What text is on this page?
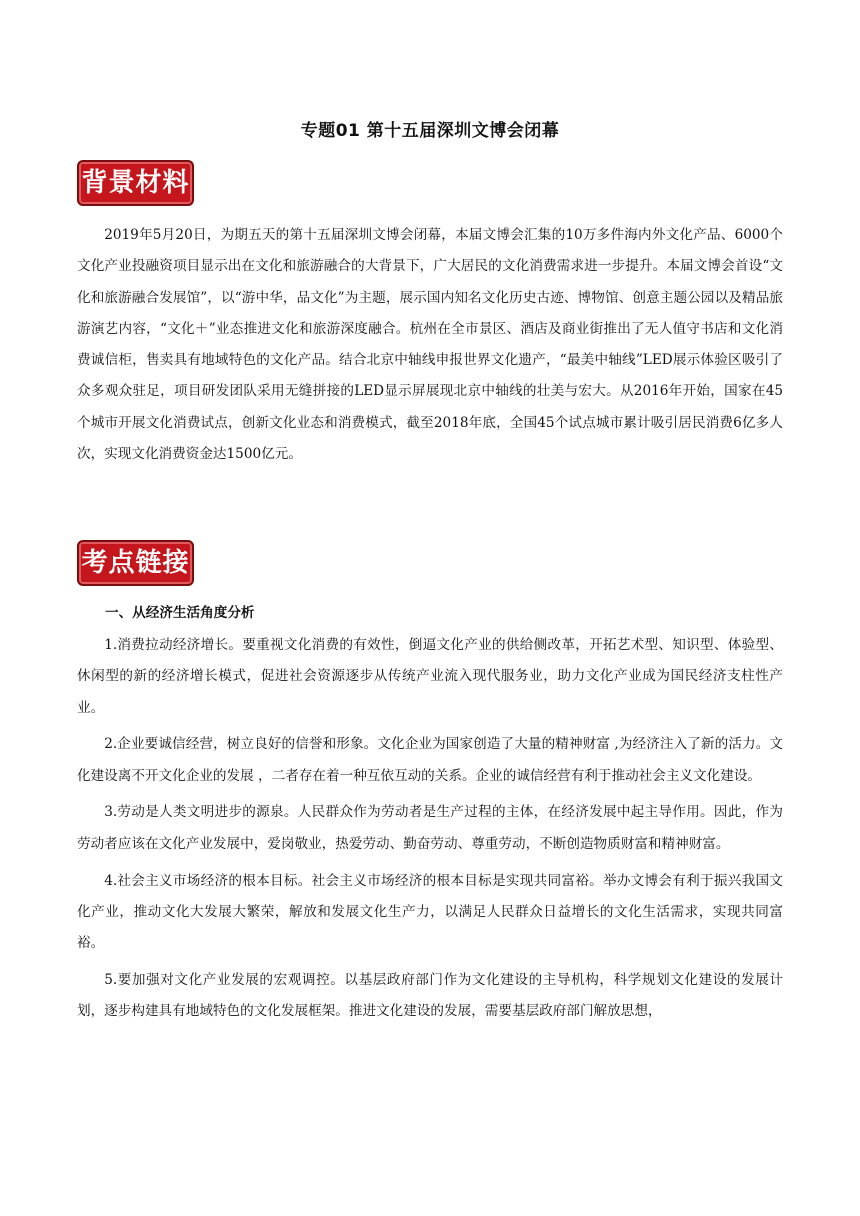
专题01 第十五届深圳文博会闭幕
背景材料

2019年5月20日，为期五天的第十五届深圳文博会闭幕，本届文博会汇集的10万多件海内外文化产品、6000个文化产业投融资项目显示出在文化和旅游融合的大背景下，广大居民的文化消费需求进一步提升。本届文博会首设“文化和旅游融合发展馆”，以“游中华，品文化”为主题，展示国内知名文化历史古迹、博物馆、创意主题公园以及精品旅游演艺内容，“文化＋”业态推进文化和旅游深度融合。杭州在全市景区、酒店及商业街推出了无人值守书店和文化消费诚信柜，售卖具有地域特色的文化产品。结合北京中轴线申报世界文化遗产，“最美中轴线”LED展示体验区吸引了众多观众驻足，项目研发团队采用无缝拼接的LED显示屏展现北京中轴线的壮美与宏大。从2016年开始，国家在45个城市开展文化消费试点，创新文化业态和消费模式，截至2018年底，全国45个试点城市累计吸引居民消费6亿多人次，实现文化消费资金达1500亿元。

考点链接
一、从经济生活角度分析

1.消费拉动经济增长。要重视文化消费的有效性，倒逼文化产业的供给侧改革，开拓艺术型、知识型、体验型、休闲型的新的经济增长模式，促进社会资源逐步从传统产业流入现代服务业，助力文化产业成为国民经济支柱性产业。

2.企业要诚信经营，树立良好的信誉和形象。文化企业为国家创造了大量的精神财富 ,为经济注入了新的活力。文化建设离不开文化企业的发展 ，二者存在着一种互依互动的关系。企业的诚信经营有利于推动社会主义文化建设。

3.劳动是人类文明进步的源泉。人民群众作为劳动者是生产过程的主体，在经济发展中起主导作用。因此，作为劳动者应该在文化产业发展中，爱岗敬业，热爱劳动、勤奋劳动、尊重劳动，不断创造物质财富和精神财富。

4.社会主义市场经济的根本目标。社会主义市场经济的根本目标是实现共同富裕。举办文博会有利于振兴我国文化产业，推动文化大发展大繁荣，解放和发展文化生产力，以满足人民群众日益增长的文化生活需求，实现共同富裕。

5.要加强对文化产业发展的宏观调控。以基层政府部门作为文化建设的主导机构，科学规划文化建设的发展计划，逐步构建具有地域特色的文化发展框架。推进文化建设的发展，需要基层政府部门解放思想，
